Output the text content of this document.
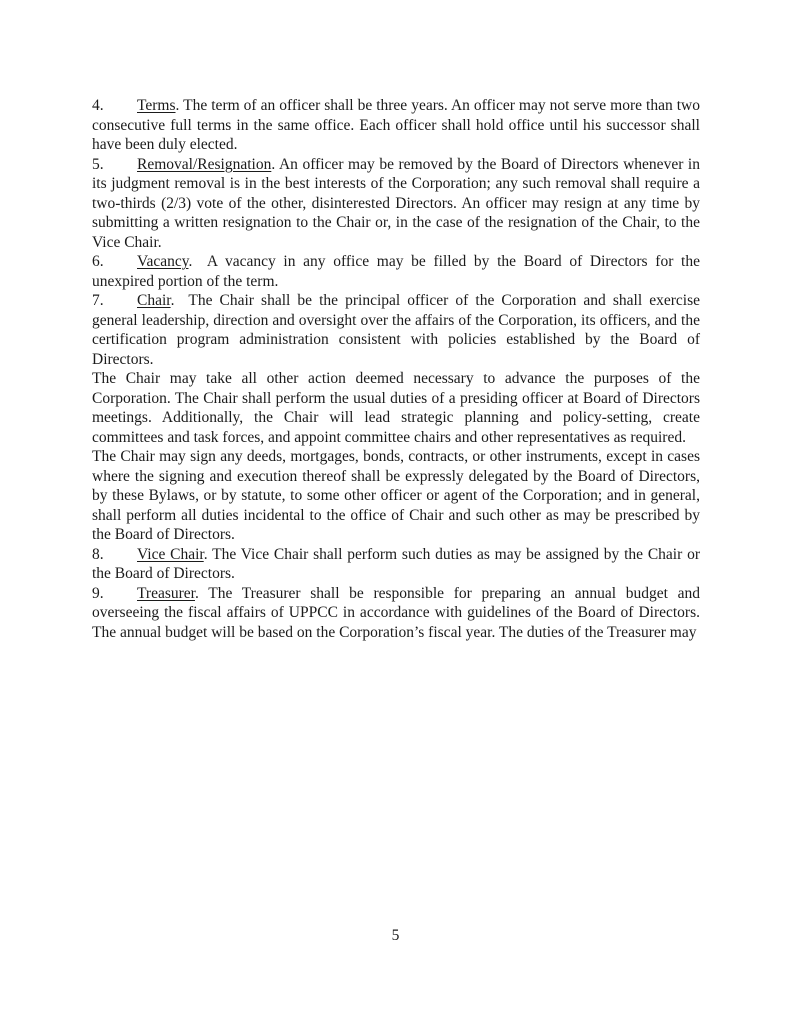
4. Terms. The term of an officer shall be three years. An officer may not serve more than two consecutive full terms in the same office. Each officer shall hold office until his successor shall have been duly elected.

5. Removal/Resignation. An officer may be removed by the Board of Directors whenever in its judgment removal is in the best interests of the Corporation; any such removal shall require a two-thirds (2/3) vote of the other, disinterested Directors. An officer may resign at any time by submitting a written resignation to the Chair or, in the case of the resignation of the Chair, to the Vice Chair.

6. Vacancy.  A vacancy in any office may be filled by the Board of Directors for the unexpired portion of the term.

7. Chair.  The Chair shall be the principal officer of the Corporation and shall exercise general leadership, direction and oversight over the affairs of the Corporation, its officers, and the certification program administration consistent with policies established by the Board of Directors.

The Chair may take all other action deemed necessary to advance the purposes of the Corporation. The Chair shall perform the usual duties of a presiding officer at Board of Directors meetings. Additionally, the Chair will lead strategic planning and policy-setting, create committees and task forces, and appoint committee chairs and other representatives as required.

The Chair may sign any deeds, mortgages, bonds, contracts, or other instruments, except in cases where the signing and execution thereof shall be expressly delegated by the Board of Directors, by these Bylaws, or by statute, to some other officer or agent of the Corporation; and in general, shall perform all duties incidental to the office of Chair and such other as may be prescribed by the Board of Directors.

8. Vice Chair. The Vice Chair shall perform such duties as may be assigned by the Chair or the Board of Directors.

9. Treasurer. The Treasurer shall be responsible for preparing an annual budget and overseeing the fiscal affairs of UPPCC in accordance with guidelines of the Board of Directors. The annual budget will be based on the Corporation’s fiscal year. The duties of the Treasurer may

5
